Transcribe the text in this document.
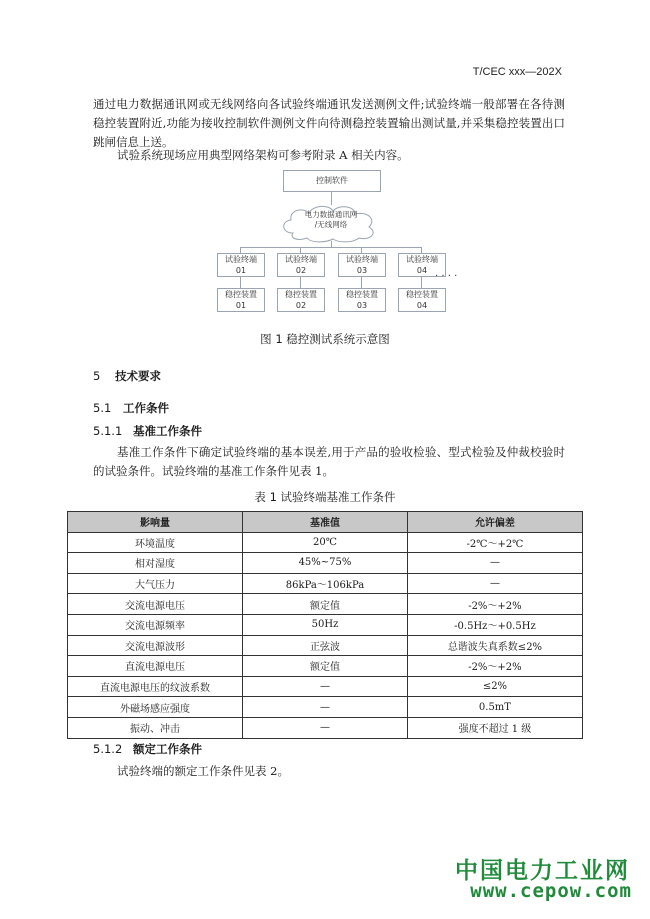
T/CEC xxx—202X
通过电力数据通讯网或无线网络向各试验终端通讯发送测例文件;试验终端一般部署在各待测稳控装置附近,功能为接收控制软件测例文件向待测稳控装置输出测试量,并采集稳控装置出口跳闸信息上送。
试验系统现场应用典型网络架构可参考附录 A 相关内容。
控制软件
电力数据通讯网
/无线网络
试验终端
01
试验终端
02
试验终端
03
试验终端
04
稳控装置
01
稳控装置
02
稳控装置
03
稳控装置
04
· · · ·
图 1 稳控测试系统示意图
5 技术要求
5.1 工作条件
5.1.1 基准工作条件
基准工作条件下确定试验终端的基本误差,用于产品的验收检验、型式检验及仲裁校验时的试验条件。试验终端的基准工作条件见表 1。
表 1 试验终端基准工作条件
影响量	基准值	允许偏差
环境温度	20℃	-2℃～+2℃
相对湿度	45%~75%	—
大气压力	86kPa～106kPa	—
交流电源电压	额定值	-2%～+2%
交流电源频率	50Hz	-0.5Hz～+0.5Hz
交流电源波形	正弦波	总谐波失真系数≤2%
直流电源电压	额定值	-2%～+2%
直流电源电压的纹波系数	—	≤2%
外磁场感应强度	—	0.5mT
振动、冲击	—	强度不超过 1 级
5.1.2 额定工作条件
试验终端的额定工作条件见表 2。
中国电力工业网
www.cepow.com
